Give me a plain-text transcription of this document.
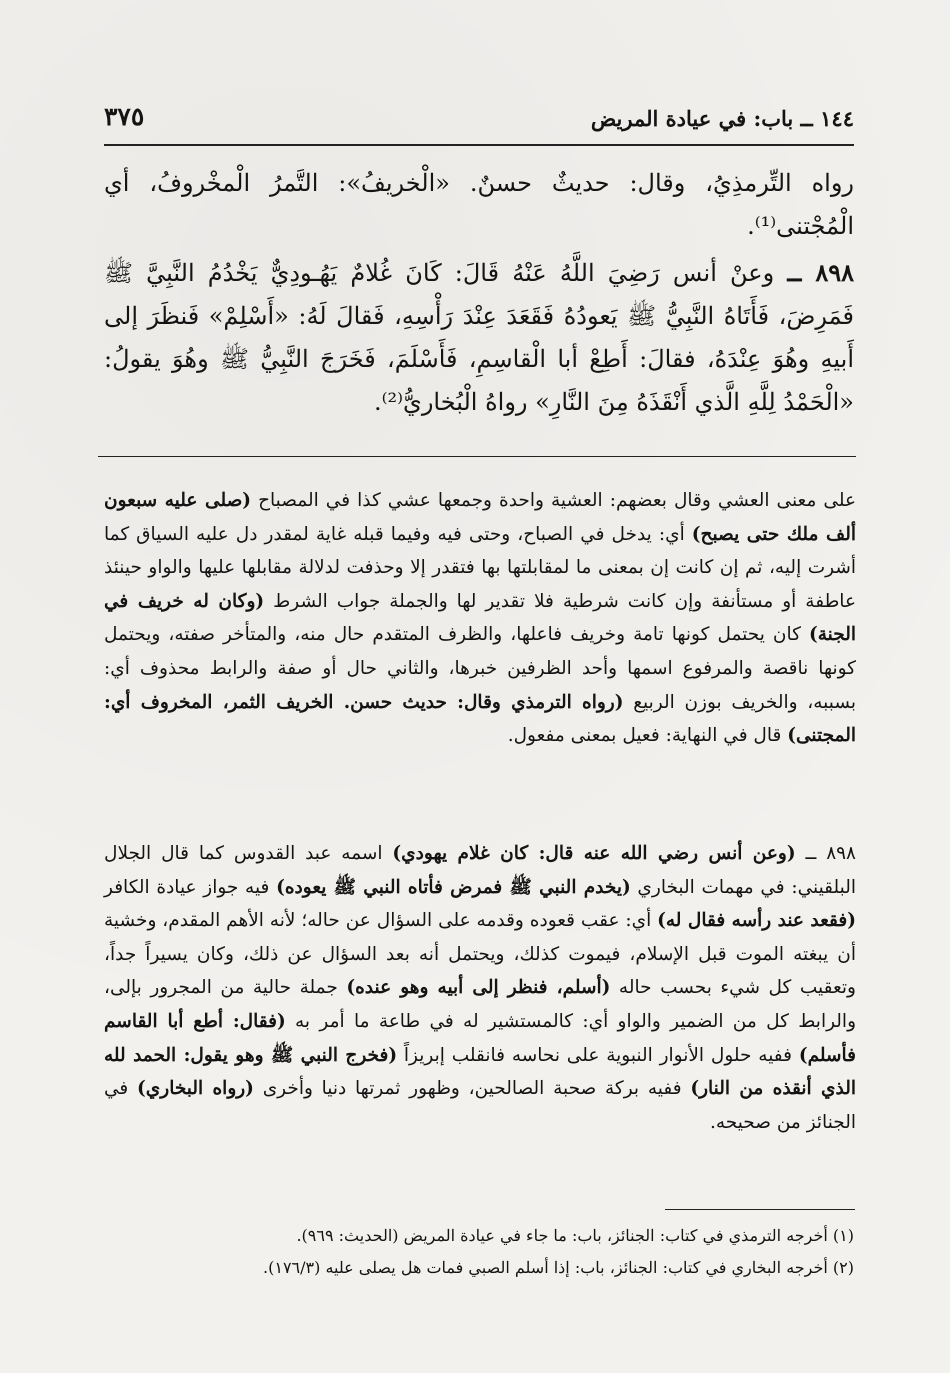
١٤٤ ــ باب: في عيادة المريض
٣٧٥
رواه التِّرمذِيُ، وقال: حديثٌ حسنٌ. «الْخريفُ»: التَّمرُ الْمخْروفُ، أي الْمُجْتنى⁽¹⁾.
٨٩٨ ــ وعنْ أنس رَضِيَ اللَّهُ عَنْهُ قَالَ: كَانَ غُلامٌ يَهُـودِيٌّ يَخْدُمُ النَّبِيَّ ﷺ فَمَرِضَ، فَأَتَاهُ النَّبِيُّ ﷺ يَعودُهُ فَقَعَدَ عِنْدَ رَأْسِهِ، فَقالَ لَهُ: «أَسْلِمْ» فَنظَرَ إلى أَبيهِ وهُوَ عِنْدَهُ، فقالَ: أَطِعْ أبا الْقاسِمِ، فَأَسْلَمَ، فَخَرَجَ النَّبِيُّ ﷺ وهُوَ يقولُ: «الْحَمْدُ لِلَّهِ الَّذي أَنْقَذَهُ مِنَ النَّارِ» رواهُ الْبُخاريُّ⁽²⁾.
على معنى العشي وقال بعضهم: العشية واحدة وجمعها عشي كذا في المصباح (صلى عليه سبعون ألف ملك حتى يصبح) أي: يدخل في الصباح، وحتى فيه وفيما قبله غاية لمقدر دل عليه السياق كما أشرت إليه، ثم إن كانت إن بمعنى ما لمقابلتها بها فتقدر إلا وحذفت لدلالة مقابلها عليها والواو حينئذ عاطفة أو مستأنفة وإن كانت شرطية فلا تقدير لها والجملة جواب الشرط (وكان له خريف في الجنة) كان يحتمل كونها تامة وخريف فاعلها، والظرف المتقدم حال منه، والمتأخر صفته، ويحتمل كونها ناقصة والمرفوع اسمها وأحد الظرفين خبرها، والثاني حال أو صفة والرابط محذوف أي: بسببه، والخريف بوزن الربيع (رواه الترمذي وقال: حديث حسن. الخريف الثمر، المخروف أي: المجتنى) قال في النهاية: فعيل بمعنى مفعول.
٨٩٨ ــ (وعن أنس رضي الله عنه قال: كان غلام يهودي) اسمه عبد القدوس كما قال الجلال البلقيني: في مهمات البخاري (يخدم النبي ﷺ فمرض فأتاه النبي ﷺ يعوده) فيه جواز عيادة الكافر (فقعد عند رأسه فقال له) أي: عقب قعوده وقدمه على السؤال عن حاله؛ لأنه الأهم المقدم، وخشية أن يبغته الموت قبل الإسلام، فيموت كذلك، ويحتمل أنه بعد السؤال عن ذلك، وكان يسيراً جداً، وتعقيب كل شيء بحسب حاله (أسلم، فنظر إلى أبيه وهو عنده) جملة حالية من المجرور بإلى، والرابط كل من الضمير والواو أي: كالمستشير له في طاعة ما أمر به (فقال: أطع أبا القاسم فأسلم) ففيه حلول الأنوار النبوية على نحاسه فانقلب إبريزاً (فخرج النبي ﷺ وهو يقول: الحمد لله الذي أنقذه من النار) ففيه بركة صحبة الصالحين، وظهور ثمرتها دنيا وأخرى (رواه البخاري) في الجنائز من صحيحه.
(١) أخرجه الترمذي في كتاب: الجنائز، باب: ما جاء في عيادة المريض (الحديث: ٩٦٩).
(٢) أخرجه البخاري في كتاب: الجنائز، باب: إذا أسلم الصبي فمات هل يصلى عليه (١٧٦/٣).
